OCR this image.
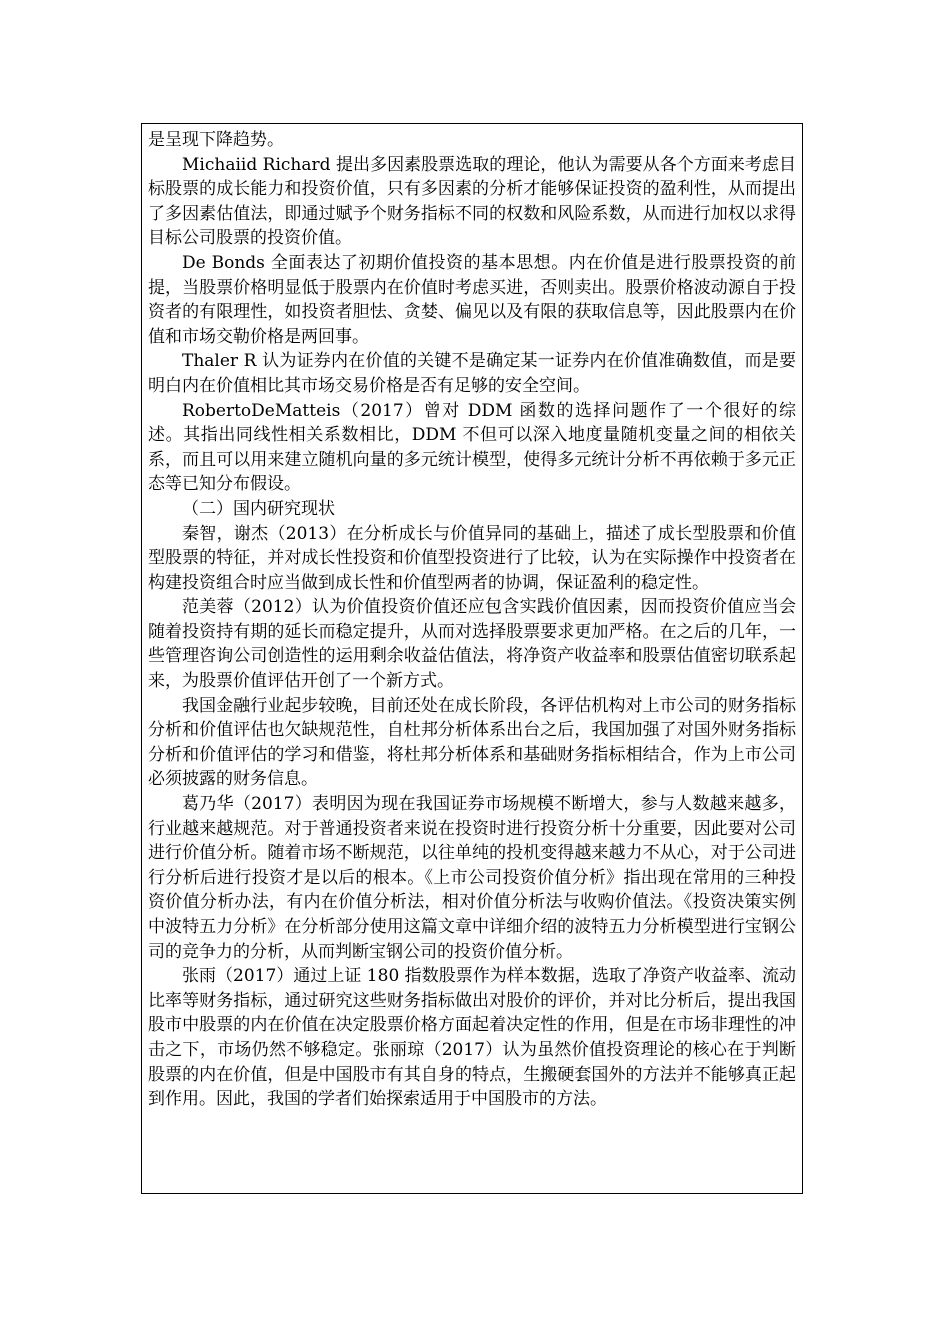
是呈现下降趋势。

Michaiid Richard 提出多因素股票选取的理论，他认为需要从各个方面来考虑目标股票的成长能力和投资价值，只有多因素的分析才能够保证投资的盈利性，从而提出了多因素估值法，即通过赋予个财务指标不同的权数和风险系数，从而进行加权以求得目标公司股票的投资价值。

De Bonds 全面表达了初期价值投资的基本思想。内在价值是进行股票投资的前提，当股票价格明显低于股票内在价值时考虑买进，否则卖出。股票价格波动源自于投资者的有限理性，如投资者胆怯、贪婪、偏见以及有限的获取信息等，因此股票内在价值和市场交勒价格是两回事。

Thaler R 认为证券内在价值的关键不是确定某一证券内在价值准确数值，而是要明白内在价值相比其市场交易价格是否有足够的安全空间。

RobertoDeMatteis（2017）曾对 DDM 函数的选择问题作了一个很好的综述。其指出同线性相关系数相比，DDM 不但可以深入地度量随机变量之间的相依关系，而且可以用来建立随机向量的多元统计模型，使得多元统计分析不再依赖于多元正态等已知分布假设。

（二）国内研究现状

秦智，谢杰（2013）在分析成长与价值异同的基础上，描述了成长型股票和价值型股票的特征，并对成长性投资和价值型投资进行了比较，认为在实际操作中投资者在构建投资组合时应当做到成长性和价值型两者的协调，保证盈利的稳定性。

范美蓉（2012）认为价值投资价值还应包含实践价值因素，因而投资价值应当会随着投资持有期的延长而稳定提升，从而对选择股票要求更加严格。在之后的几年，一些管理咨询公司创造性的运用剩余收益估值法，将净资产收益率和股票估值密切联系起来，为股票价值评估开创了一个新方式。

我国金融行业起步较晚，目前还处在成长阶段，各评估机构对上市公司的财务指标分析和价值评估也欠缺规范性，自杜邦分析体系出台之后，我国加强了对国外财务指标分析和价值评估的学习和借鉴，将杜邦分析体系和基础财务指标相结合，作为上市公司必须披露的财务信息。

葛乃华（2017）表明因为现在我国证券市场规模不断增大，参与人数越来越多，行业越来越规范。对于普通投资者来说在投资时进行投资分析十分重要，因此要对公司进行价值分析。随着市场不断规范，以往单纯的投机变得越来越力不从心，对于公司进行分析后进行投资才是以后的根本。《上市公司投资价值分析》指出现在常用的三种投资价值分析办法，有内在价值分析法，相对价值分析法与收购价值法。《投资决策实例中波特五力分析》在分析部分使用这篇文章中详细介绍的波特五力分析模型进行宝钢公司的竞争力的分析，从而判断宝钢公司的投资价值分析。

张雨（2017）通过上证 180 指数股票作为样本数据，选取了净资产收益率、流动比率等财务指标，通过研究这些财务指标做出对股价的评价，并对比分析后，提出我国股市中股票的内在价值在决定股票价格方面起着决定性的作用，但是在市场非理性的冲击之下，市场仍然不够稳定。张丽琼（2017）认为虽然价值投资理论的核心在于判断股票的内在价值，但是中国股市有其自身的特点，生搬硬套国外的方法并不能够真正起到作用。因此，我国的学者们始探索适用于中国股市的方法。
